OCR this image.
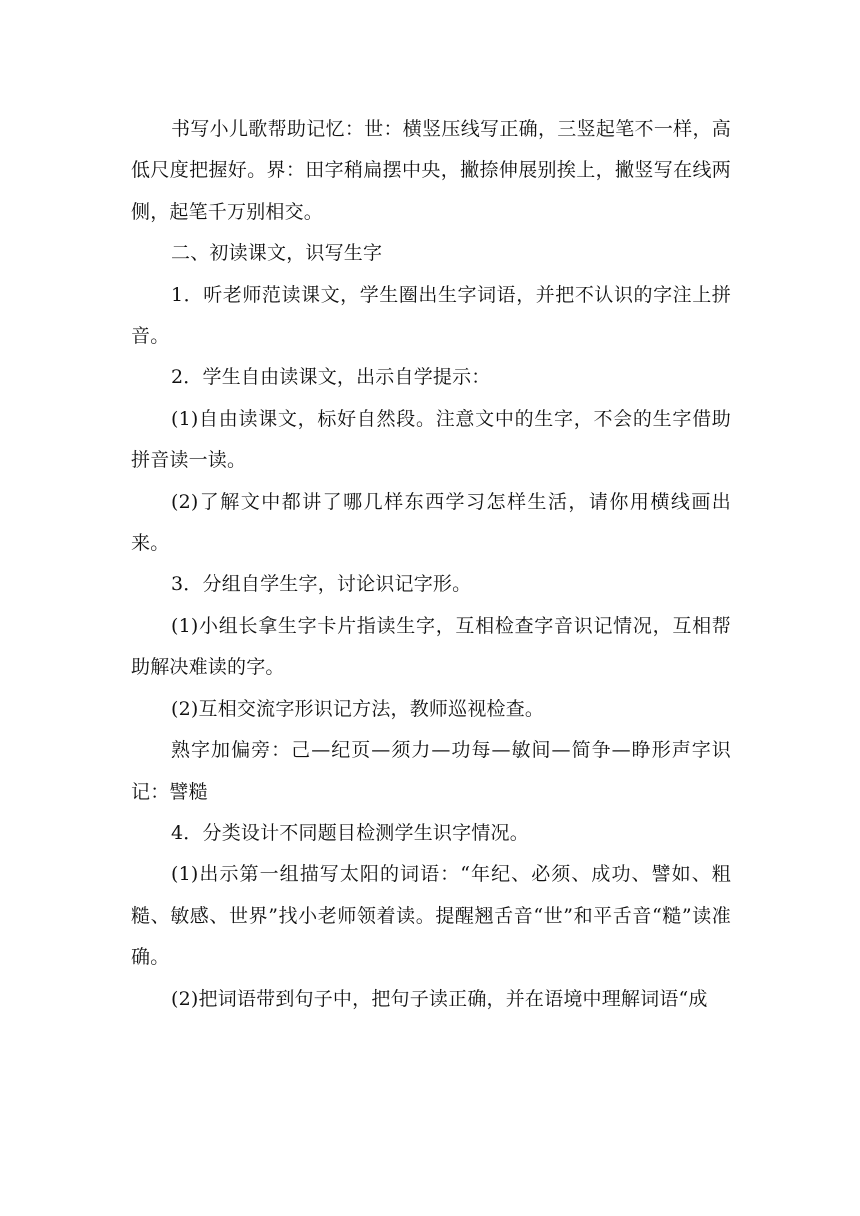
书写小儿歌帮助记忆：世：横竖压线写正确，三竖起笔不一样，高低尺度把握好。界：田字稍扁摆中央，撇捺伸展别挨上，撇竖写在线两侧，起笔千万别相交。

二、初读课文，识写生字

1．听老师范读课文，学生圈出生字词语，并把不认识的字注上拼音。

2．学生自由读课文，出示自学提示：

(1)自由读课文，标好自然段。注意文中的生字，不会的生字借助拼音读一读。

(2)了解文中都讲了哪几样东西学习怎样生活，请你用横线画出来。

3．分组自学生字，讨论识记字形。

(1)小组长拿生字卡片指读生字，互相检查字音识记情况，互相帮助解决难读的字。

(2)互相交流字形识记方法，教师巡视检查。

熟字加偏旁：己—纪页—须力—功每—敏间—简争—睁形声字识记：譬糙

4．分类设计不同题目检测学生识字情况。

(1)出示第一组描写太阳的词语：“年纪、必须、成功、譬如、粗糙、敏感、世界”找小老师领着读。提醒翘舌音“世”和平舌音“糙”读准确。

(2)把词语带到句子中，把句子读正确，并在语境中理解词语“成
